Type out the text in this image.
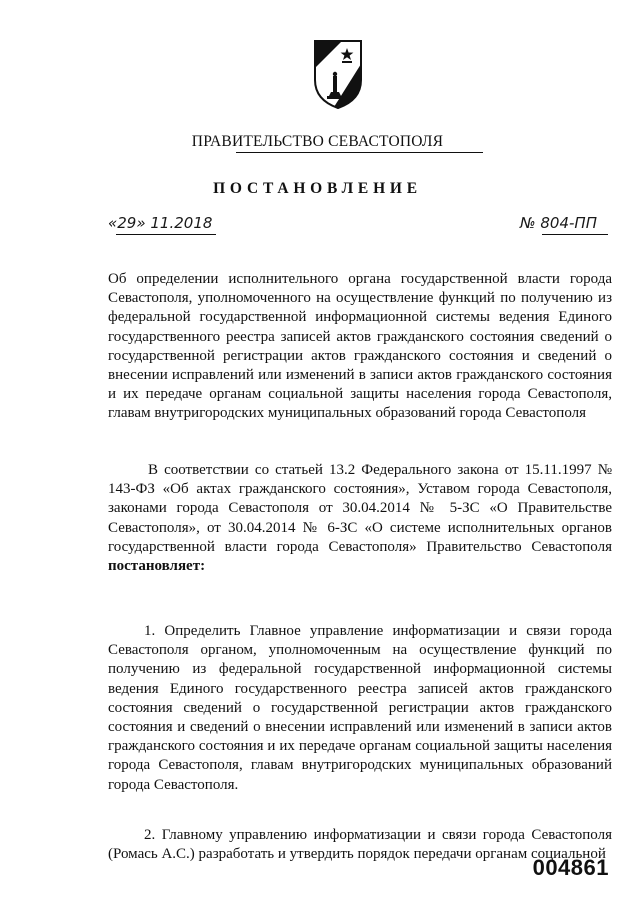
ПРАВИТЕЛЬСТВО СЕВАСТОПОЛЯ
ПОСТАНОВЛЕНИЕ
«29» 11.2018	№ 804-ПП

Об определении исполнительного органа государственной власти города Севастополя, уполномоченного на осуществление функций по получению из федеральной государственной информационной системы ведения Единого государственного реестра записей актов гражданского состояния сведений о государственной регистрации актов гражданского состояния и сведений о внесении исправлений или изменений в записи актов гражданского состояния и их передаче органам социальной защиты населения города Севастополя, главам внутригородских муниципальных образований города Севастополя

В соответствии со статьей 13.2 Федерального закона от 15.11.1997 № 143-ФЗ «Об актах гражданского состояния», Уставом города Севастополя, законами города Севастополя от 30.04.2014 № 5-ЗС «О Правительстве Севастополя», от 30.04.2014 № 6-ЗС «О системе исполнительных органов государственной власти города Севастополя» Правительство Севастополя постановляет:

1. Определить Главное управление информатизации и связи города Севастополя органом, уполномоченным на осуществление функций по получению из федеральной государственной информационной системы ведения Единого государственного реестра записей актов гражданского состояния сведений о государственной регистрации актов гражданского состояния и сведений о внесении исправлений или изменений в записи актов гражданского состояния и их передаче органам социальной защиты населения города Севастополя, главам внутригородских муниципальных образований города Севастополя.

2. Главному управлению информатизации и связи города Севастополя (Ромась А.С.) разработать и утвердить порядок передачи органам социальной

004861
